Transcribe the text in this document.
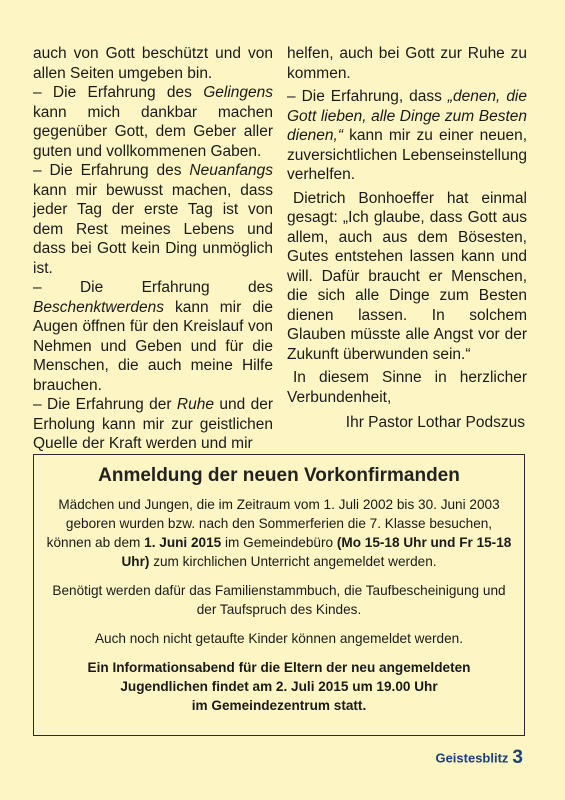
auch von Gott beschützt und von allen Seiten umgeben bin.

– Die Erfahrung des Gelingens kann mich dankbar machen gegenüber Gott, dem Geber aller guten und vollkommenen Gaben.

– Die Erfahrung des Neuanfangs kann mir bewusst machen, dass jeder Tag der erste Tag ist von dem Rest meines Lebens und dass bei Gott kein Ding unmöglich ist.

– Die Erfahrung des Beschenktwerdens kann mir die Augen öffnen für den Kreislauf von Nehmen und Geben und für die Menschen, die auch meine Hilfe brauchen.

– Die Erfahrung der Ruhe und der Erholung kann mir zur geistlichen Quelle der Kraft werden und mir

helfen, auch bei Gott zur Ruhe zu kommen.

– Die Erfahrung, dass „denen, die Gott lieben, alle Dinge zum Besten dienen,“ kann mir zu einer neuen, zuversichtlichen Lebenseinstellung verhelfen.

Dietrich Bonhoeffer hat einmal gesagt: „Ich glaube, dass Gott aus allem, auch aus dem Bösesten, Gutes entstehen lassen kann und will. Dafür braucht er Menschen, die sich alle Dinge zum Besten dienen lassen. In solchem Glauben müsste alle Angst vor der Zukunft überwunden sein.“

In diesem Sinne in herzlicher Verbundenheit,

Ihr Pastor Lothar Podszus

Anmeldung der neuen Vorkonfirmanden

Mädchen und Jungen, die im Zeitraum vom 1. Juli 2002 bis 30. Juni 2003 geboren wurden bzw. nach den Sommerferien die 7. Klasse besuchen, können ab dem 1. Juni 2015 im Gemeindebüro (Mo 15-18 Uhr und Fr 15-18 Uhr) zum kirchlichen Unterricht angemeldet werden.

Benötigt werden dafür das Familienstammbuch, die Taufbescheinigung und der Taufspruch des Kindes.

Auch noch nicht getaufte Kinder können angemeldet werden.

Ein Informationsabend für die Eltern der neu angemeldeten
Jugendlichen findet am 2. Juli 2015 um 19.00 Uhr
im Gemeindezentrum statt.

Geistesblitz 3
